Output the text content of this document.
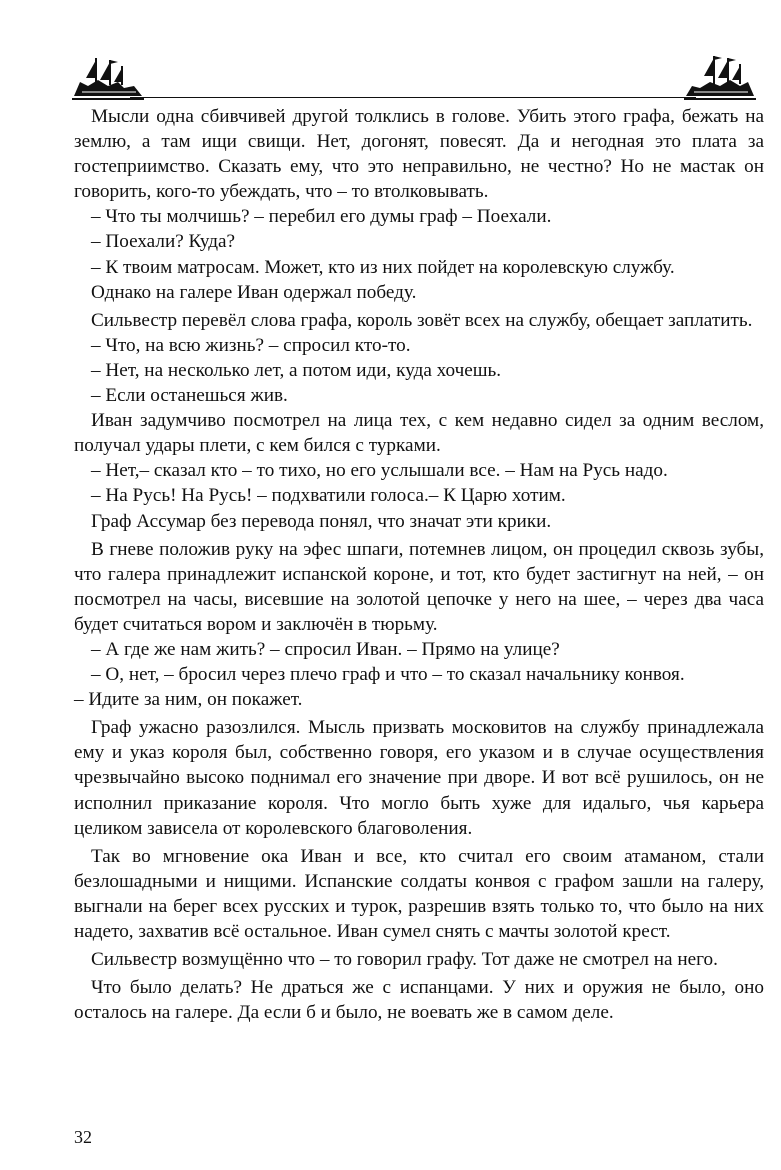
Мысли одна сбивчивей другой толклись в голове. Убить этого графа, бежать на землю, а там ищи свищи. Нет, догонят, повесят. Да и негодная это плата за гостеприимство. Сказать ему, что это неправильно, не честно? Но не мастак он говорить, кого-то убеждать, что – то втолковывать.

– Что ты молчишь? – перебил его думы граф – Поехали.

– Поехали? Куда?

– К твоим матросам. Может, кто из них пойдет на королевскую службу.

Однако на галере Иван одержал победу.

Сильвестр перевёл слова графа, король зовёт всех на службу, обещает заплатить.

– Что, на всю жизнь? – спросил кто-то.

– Нет, на несколько лет, а потом иди, куда хочешь.

– Если останешься жив.

Иван задумчиво посмотрел на лица тех, с кем недавно сидел за одним веслом, получал удары плети, с кем бился с турками.

– Нет,– сказал кто – то тихо, но его услышали все. – Нам на Русь надо.

– На Русь! На Русь! – подхватили голоса.– К Царю хотим.

Граф Ассумар без перевода понял, что значат эти крики.

В гневе положив руку на эфес шпаги, потемнев лицом, он процедил сквозь зубы, что галера принадлежит испанской короне, и тот, кто будет застигнут на ней, – он посмотрел на часы, висевшие на золотой цепочке у него на шее, – через два часа будет считаться вором и заключён в тюрьму.

– А где же нам жить? – спросил Иван. – Прямо на улице?

– О, нет, – бросил через плечо граф и что – то сказал начальнику конвоя.

– Идите за ним, он покажет.

Граф ужасно разозлился. Мысль призвать московитов на службу принадлежала ему и указ короля был, собственно говоря, его указом и в случае осуществления чрезвычайно высоко поднимал его значение при дворе. И вот всё рушилось, он не исполнил приказание короля. Что могло быть хуже для идальго, чья карьера целиком зависела от королевского благоволения.

Так во мгновение ока Иван и все, кто считал его своим атаманом, стали безлошадными и нищими. Испанские солдаты конвоя с графом зашли на галеру, выгнали на берег всех русских и турок, разрешив взять только то, что было на них надето, захватив всё остальное. Иван сумел снять с мачты золотой крест.

Сильвестр возмущённо что – то говорил графу. Тот даже не смотрел на него.

Что было делать? Не драться же с испанцами. У них и оружия не было, оно осталось на галере. Да если б и было, не воевать же в самом деле.

32
